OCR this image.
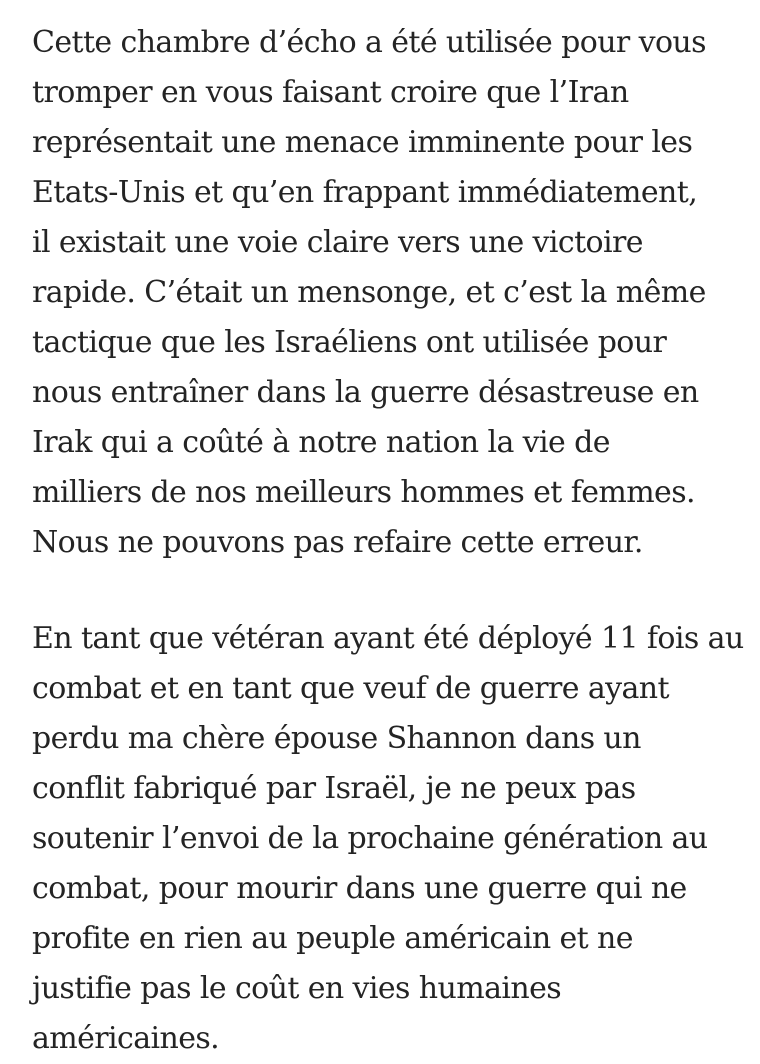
Cette chambre d’écho a été utilisée pour vous
tromper en vous faisant croire que l’Iran
représentait une menace imminente pour les
Etats-Unis et qu’en frappant immédiatement,
il existait une voie claire vers une victoire
rapide. C’était un mensonge, et c’est la même
tactique que les Israéliens ont utilisée pour
nous entraîner dans la guerre désastreuse en
Irak qui a coûté à notre nation la vie de
milliers de nos meilleurs hommes et femmes.
Nous ne pouvons pas refaire cette erreur.

En tant que vétéran ayant été déployé 11 fois au
combat et en tant que veuf de guerre ayant
perdu ma chère épouse Shannon dans un
conflit fabriqué par Israël, je ne peux pas
soutenir l’envoi de la prochaine génération au
combat, pour mourir dans une guerre qui ne
profite en rien au peuple américain et ne
justifie pas le coût en vies humaines
américaines.
